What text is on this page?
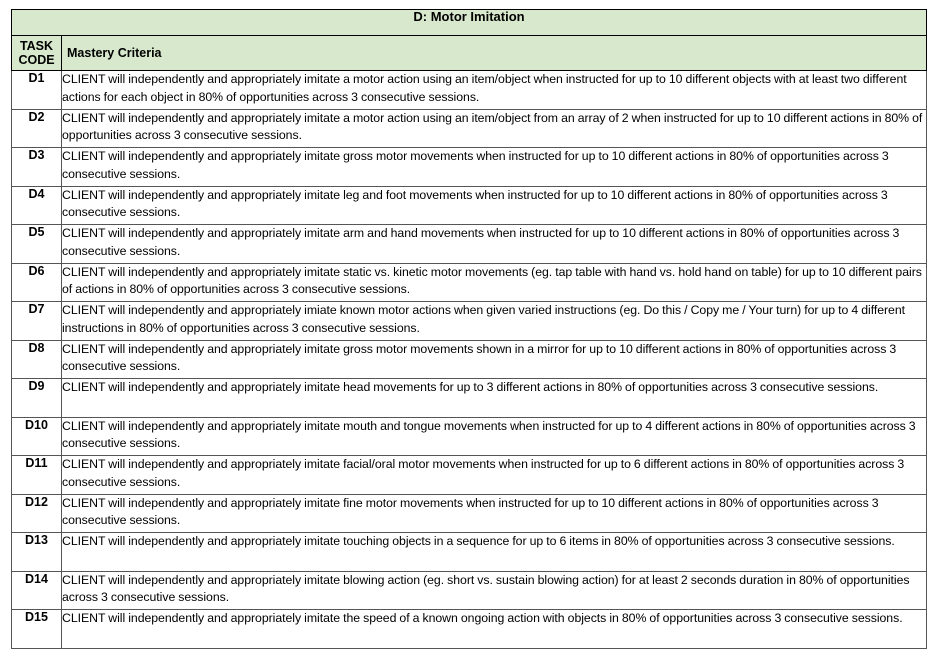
D: Motor Imitation	

TASK
CODE	Mastery Criteria
D1	CLIENT will independently and appropriately imitate a motor action using an item/object when instructed for up to 10 different objects with at least two different actions for each object in 80% of opportunities across 3 consecutive sessions.
D2	CLIENT will independently and appropriately imitate a motor action using an item/object from an array of 2 when instructed for up to 10 different actions in 80% of opportunities across 3 consecutive sessions.
D3	CLIENT will independently and appropriately imitate gross motor movements when instructed for up to 10 different actions in 80% of opportunities across 3 consecutive sessions.
D4	CLIENT will independently and appropriately imitate leg and foot movements when instructed for up to 10 different actions in 80% of opportunities across 3 consecutive sessions.
D5	CLIENT will independently and appropriately imitate arm and hand movements when instructed for up to 10 different actions in 80% of opportunities across 3 consecutive sessions.
D6	CLIENT will independently and appropriately imitate static vs. kinetic motor movements (eg. tap table with hand vs. hold hand on table) for up to 10 different pairs of actions in 80% of opportunities across 3 consecutive sessions.
D7	CLIENT will independently and appropriately imiate known motor actions when given varied instructions (eg. Do this / Copy me / Your turn) for up to 4 different instructions in 80% of opportunities across 3 consecutive sessions.
D8	CLIENT will independently and appropriately imitate gross motor movements shown in a mirror for up to 10 different actions in 80% of opportunities across 3 consecutive sessions.
D9	CLIENT will independently and appropriately imitate head movements for up to 3 different actions in 80% of opportunities across 3 consecutive sessions.
D10	CLIENT will independently and appropriately imitate mouth and tongue movements when instructed for up to 4 different actions in 80% of opportunities across 3 consecutive sessions.
D11	CLIENT will independently and appropriately imitate facial/oral motor movements when instructed for up to 6 different actions in 80% of opportunities across 3 consecutive sessions.
D12	CLIENT will independently and appropriately imitate fine motor movements when instructed for up to 10 different actions in 80% of opportunities across 3 consecutive sessions.
D13	CLIENT will independently and appropriately imitate touching objects in a sequence for up to 6 items in 80% of opportunities across 3 consecutive sessions.
D14	CLIENT will independently and appropriately imitate blowing action (eg. short vs. sustain blowing action) for at least 2 seconds duration in 80% of opportunities across 3 consecutive sessions.
D15	CLIENT will independently and appropriately imitate the speed of a known ongoing action with objects in 80% of opportunities across 3 consecutive sessions.
